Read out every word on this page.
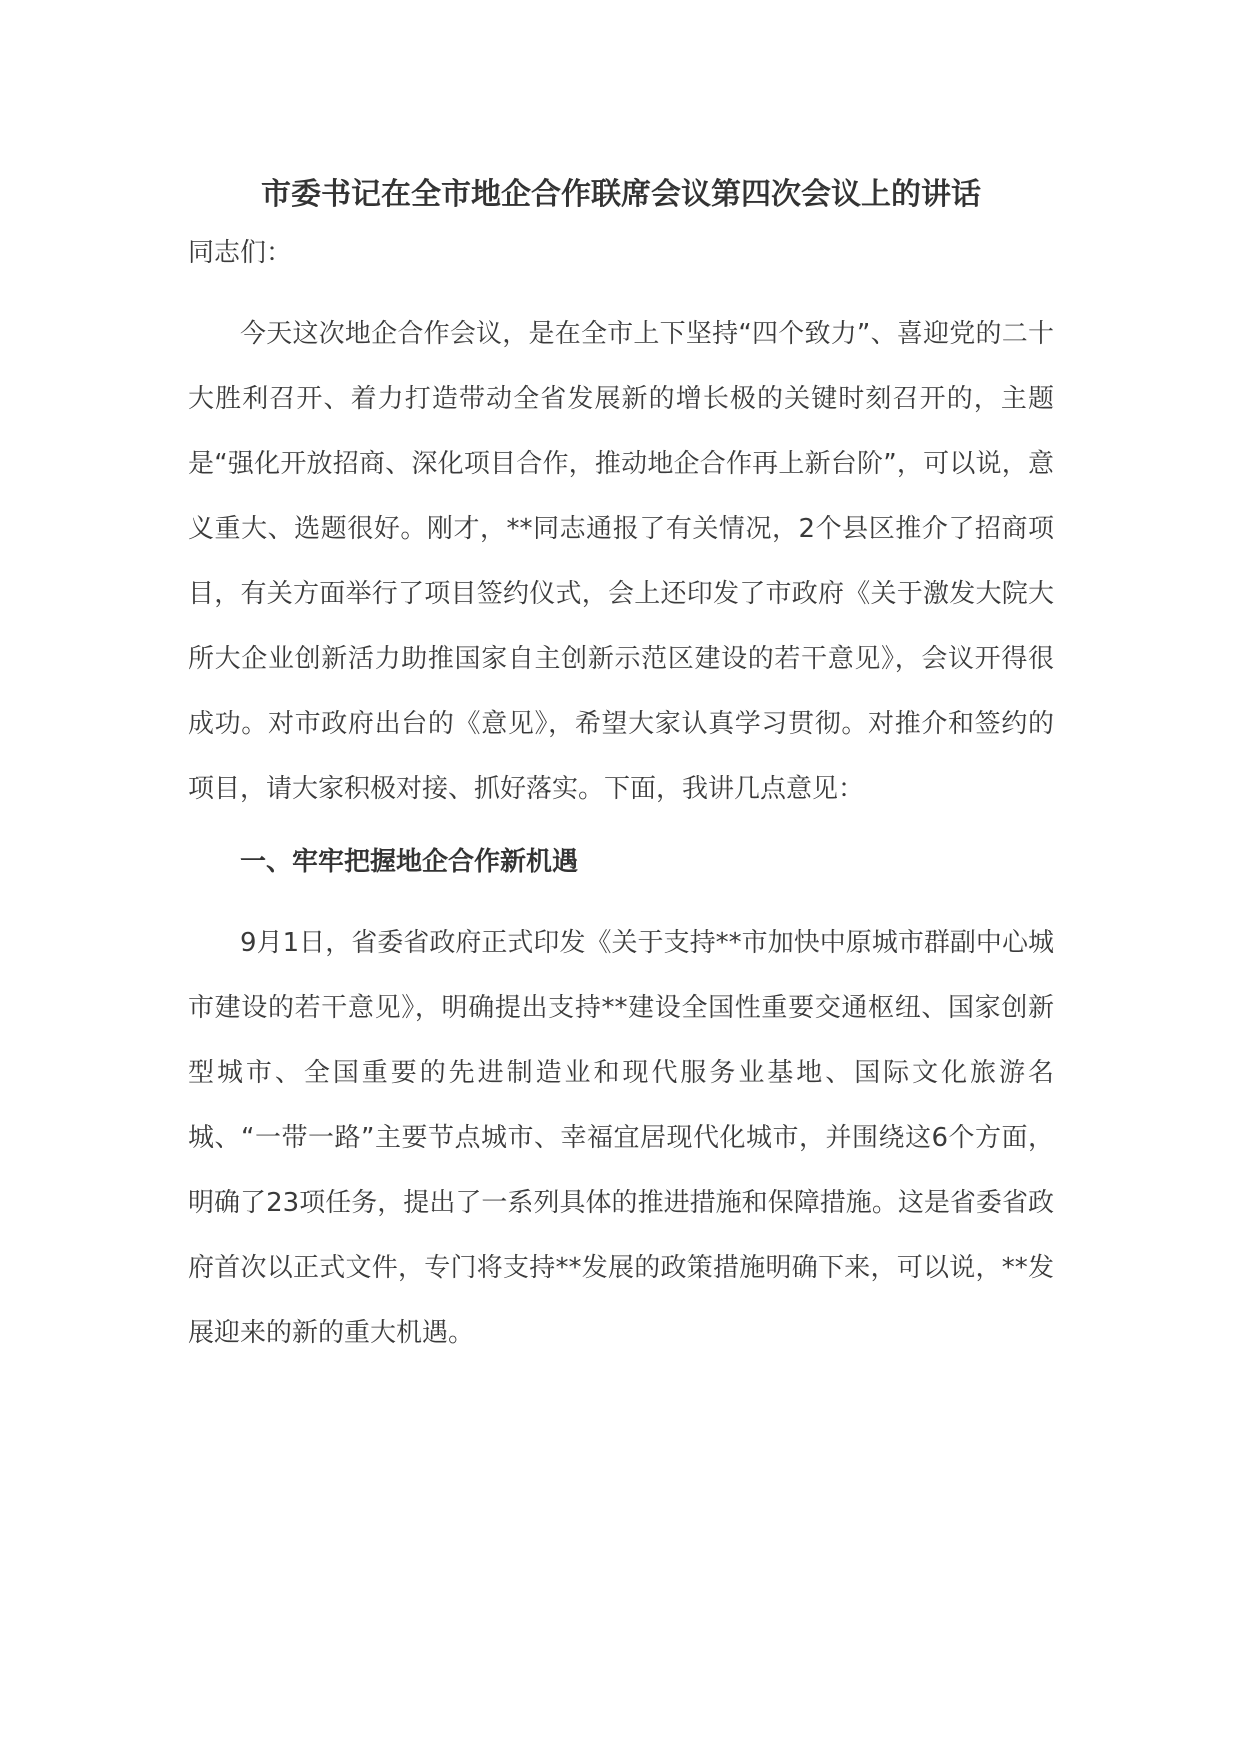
市委书记在全市地企合作联席会议第四次会议上的讲话

同志们：

今天这次地企合作会议，是在全市上下坚持“四个致力”、喜迎党的二十大胜利召开、着力打造带动全省发展新的增长极的关键时刻召开的，主题是“强化开放招商、深化项目合作，推动地企合作再上新台阶”，可以说，意义重大、选题很好。刚才，**同志通报了有关情况，2个县区推介了招商项目，有关方面举行了项目签约仪式，会上还印发了市政府《关于激发大院大所大企业创新活力助推国家自主创新示范区建设的若干意见》，会议开得很成功。对市政府出台的《意见》，希望大家认真学习贯彻。对推介和签约的项目，请大家积极对接、抓好落实。下面，我讲几点意见：

一、牢牢把握地企合作新机遇

9月1日，省委省政府正式印发《关于支持**市加快中原城市群副中心城市建设的若干意见》，明确提出支持**建设全国性重要交通枢纽、国家创新型城市、全国重要的先进制造业和现代服务业基地、国际文化旅游名城、“一带一路”主要节点城市、幸福宜居现代化城市，并围绕这6个方面，明确了23项任务，提出了一系列具体的推进措施和保障措施。这是省委省政府首次以正式文件，专门将支持**发展的政策措施明确下来，可以说，**发展迎来的新的重大机遇。
